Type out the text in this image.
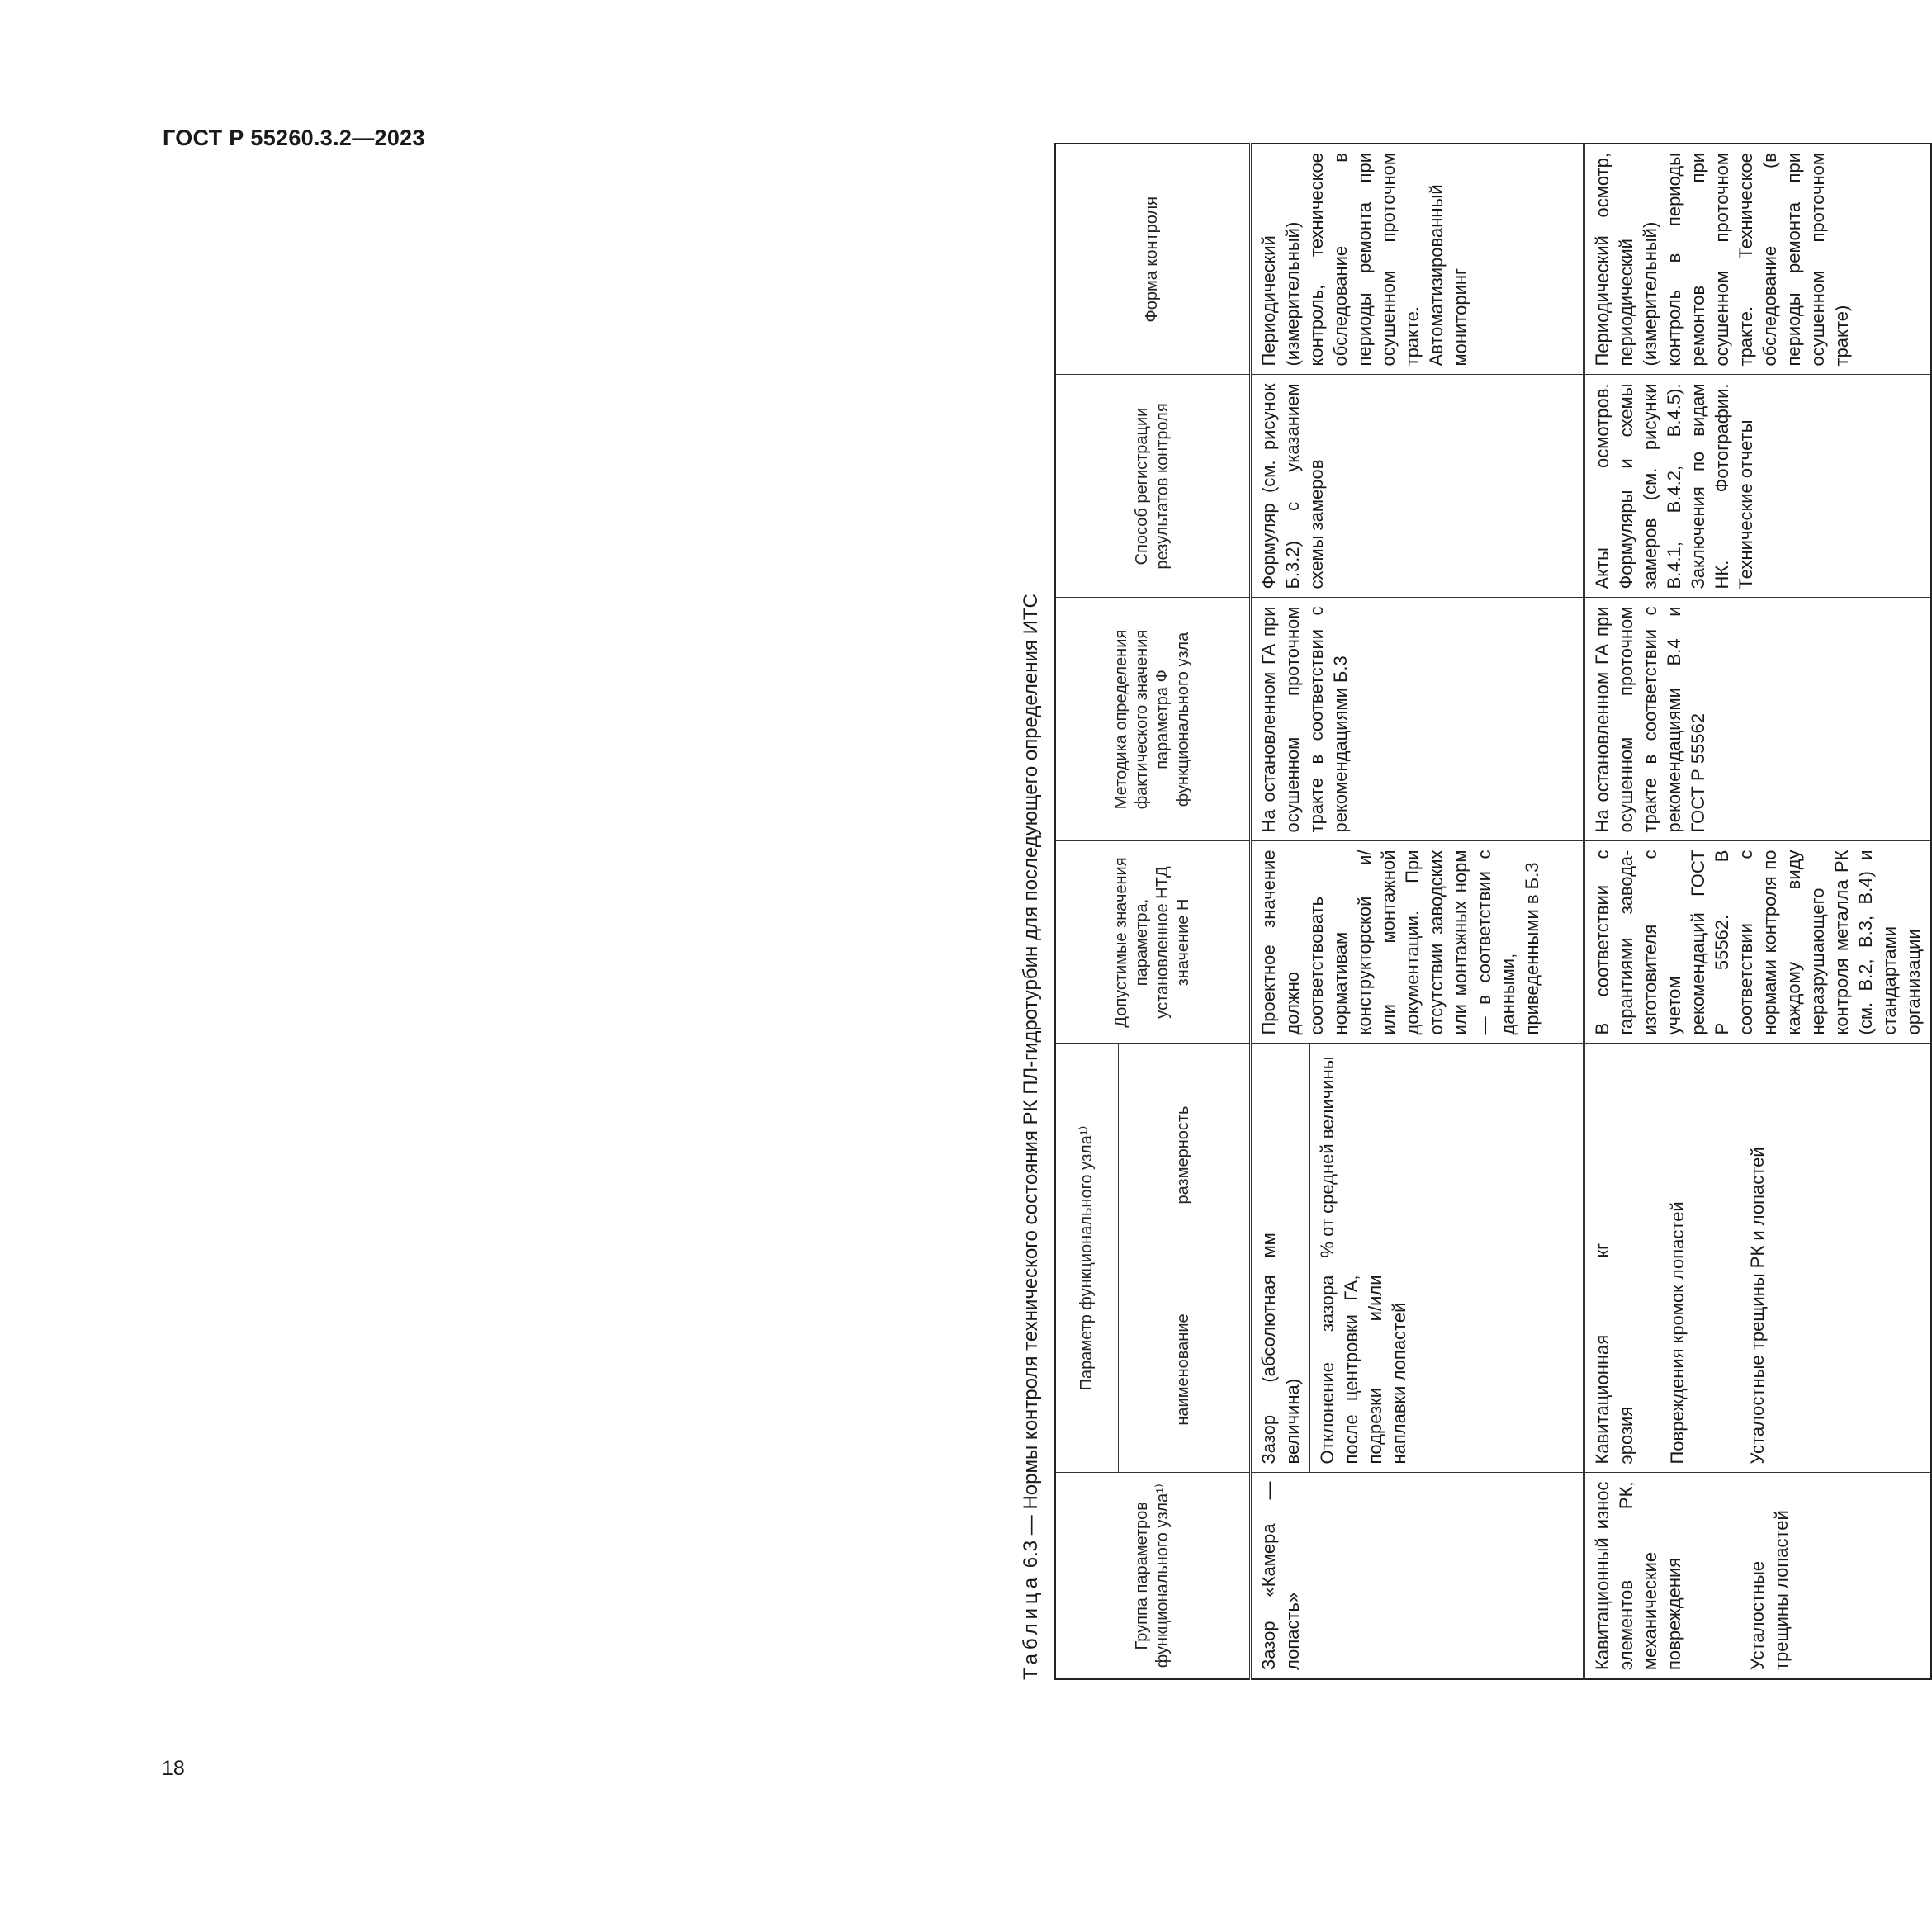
ГОСТ Р 55260.3.2—2023
18
Таблица 6.3 — Нормы контроля технического состояния РК ПЛ-гидротурбин для последующего определения ИТС
Группа параметров функционального узла¹⁾	Параметр функционального узла¹⁾		Допустимые значения параметра, установленное НТД значение Н	Методика определения фактического значения параметра Ф функционального узла	Способ регистрации результатов контроля	Форма контроля
	наименование	размерность				
Зазор «Камера — лопасть»	Зазор (абсолютная величина)	мм	Проектное значение должно соответствовать нормативам конструкторской и/или монтажной документации. При отсутствии заводских или монтажных норм — в соответствии с данными, приведенными в Б.3	На остановленном ГА при осушенном проточном тракте в соответствии с рекомендациями Б.3	Формуляр (см. рисунок Б.3.2) с указанием схемы замеров	Периодический (измерительный) контроль, техническое обследование в периоды ремонта при осушенном проточном тракте. Автоматизированный мониторинг
	Отклонение зазора после центровки ГА, подрезки и/или наплавки лопастей	% от средней величины				
Кавитационный износ элементов РК, механические повреждения	Кавитационная эрозия	кг	В соответствии с гарантиями завода-изготовителя с учетом рекомендаций ГОСТ Р 55562. В соответствии с нормами контроля по каждому виду неразрушающего контроля металла РК (см. В.2, В.3, В.4) и стандартами организации	На остановленном ГА при осушенном проточном тракте в соответствии с рекомендациями В.4 и ГОСТ Р 55562	Акты осмотров. Формуляры и схемы замеров (см. рисунки В.4.1, В.4.2, В.4.5). Заключения по видам НК. Фотографии. Технические отчеты	Периодический осмотр, периодический (измерительный) контроль в периоды ремонтов при осушенном проточном тракте. Техническое обследование (в периоды ремонта при осушенном проточном тракте)
	Повреждения кромок лопастей					
Усталостные трещины лопастей	Усталостные трещины РК и лопастей					
